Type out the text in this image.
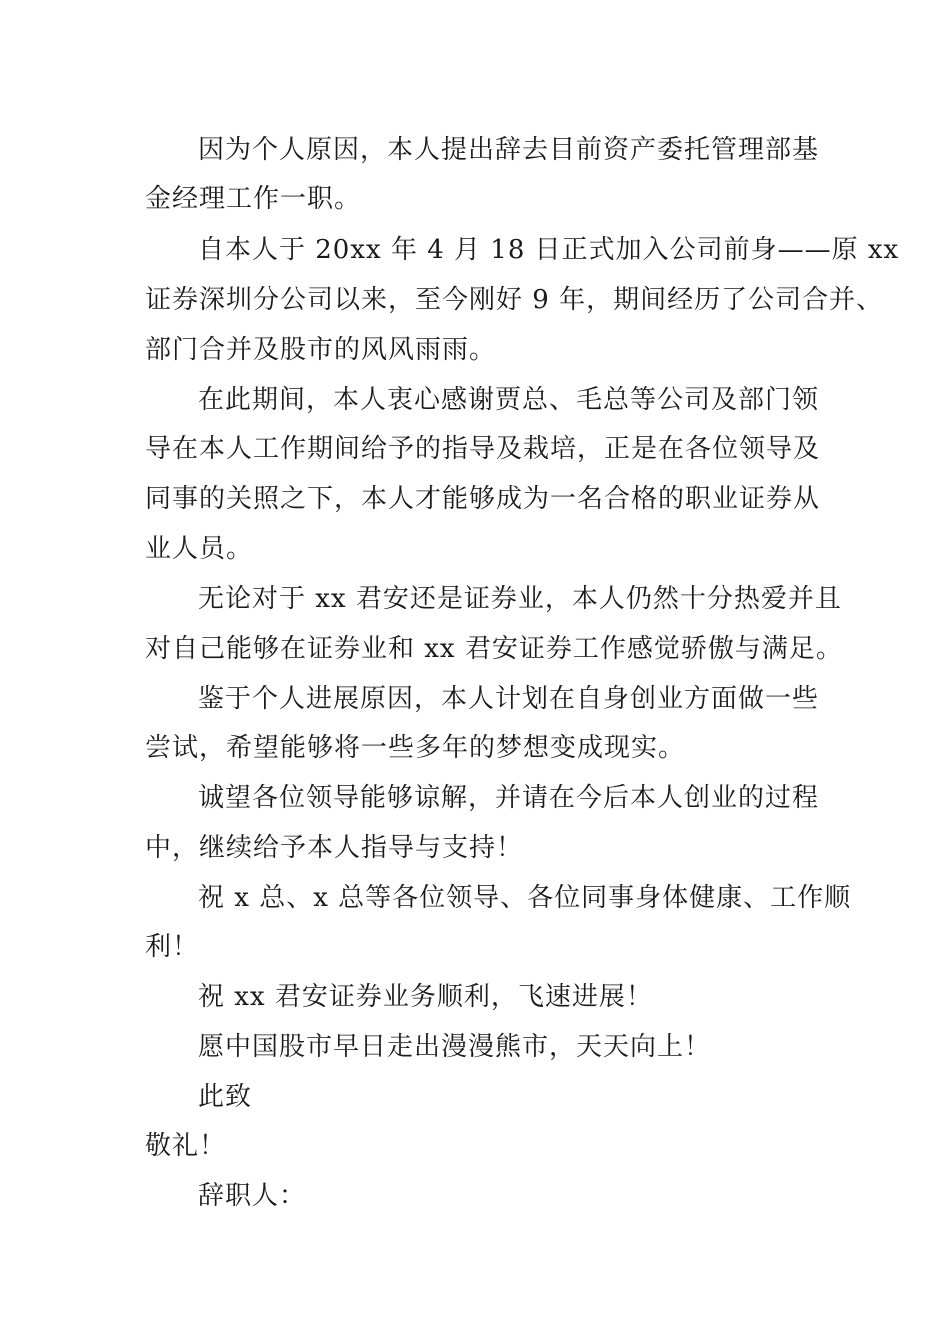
因为个人原因，本人提出辞去目前资产委托管理部基
金经理工作一职。
自本人于 20xx 年 4 月 18 日正式加入公司前身——原 xx
证券深圳分公司以来，至今刚好 9 年，期间经历了公司合并、
部门合并及股市的风风雨雨。
在此期间，本人衷心感谢贾总、毛总等公司及部门领
导在本人工作期间给予的指导及栽培，正是在各位领导及
同事的关照之下，本人才能够成为一名合格的职业证券从
业人员。
无论对于 xx 君安还是证券业，本人仍然十分热爱并且
对自己能够在证券业和 xx 君安证券工作感觉骄傲与满足。
鉴于个人进展原因，本人计划在自身创业方面做一些
尝试，希望能够将一些多年的梦想变成现实。
诚望各位领导能够谅解，并请在今后本人创业的过程
中，继续给予本人指导与支持！
祝 x 总、x 总等各位领导、各位同事身体健康、工作顺
利！
祝 xx 君安证券业务顺利，飞速进展！
愿中国股市早日走出漫漫熊市，天天向上！
此致
敬礼！
辞职人：
